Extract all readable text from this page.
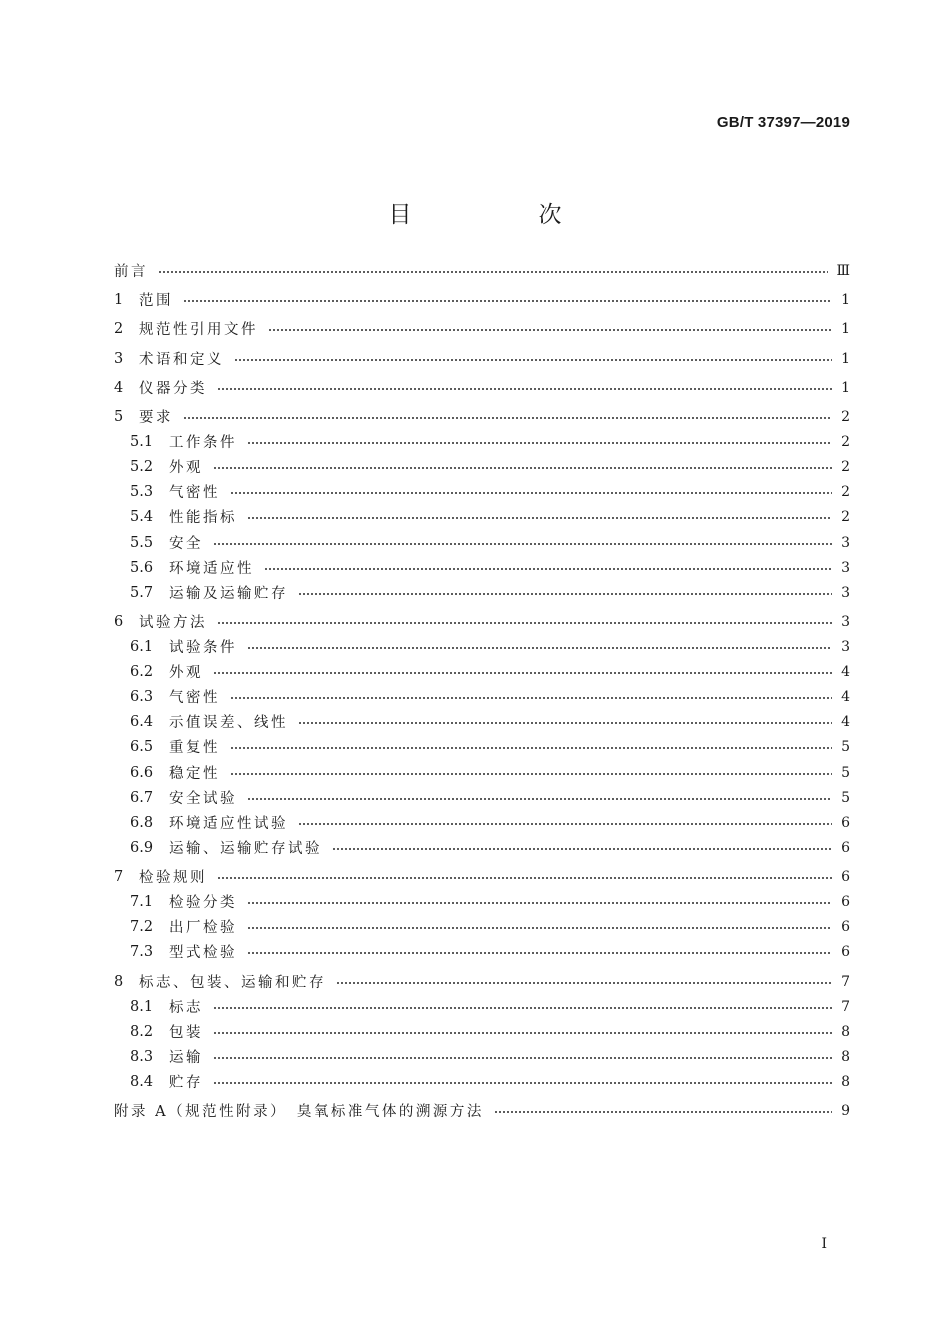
GB/T 37397—2019
目　次
前言	Ⅲ
1	范围	1
2	规范性引用文件	1
3	术语和定义	1
4	仪器分类	1
5	要求	2
5.1	工作条件	2
5.2	外观	2
5.3	气密性	2
5.4	性能指标	2
5.5	安全	3
5.6	环境适应性	3
5.7	运输及运输贮存	3
6	试验方法	3
6.1	试验条件	3
6.2	外观	4
6.3	气密性	4
6.4	示值误差、线性	4
6.5	重复性	5
6.6	稳定性	5
6.7	安全试验	5
6.8	环境适应性试验	6
6.9	运输、运输贮存试验	6
7	检验规则	6
7.1	检验分类	6
7.2	出厂检验	6
7.3	型式检验	6
8	标志、包装、运输和贮存	7
8.1	标志	7
8.2	包装	8
8.3	运输	8
8.4	贮存	8
附录 A（规范性附录）　臭氧标准气体的溯源方法	9
I
